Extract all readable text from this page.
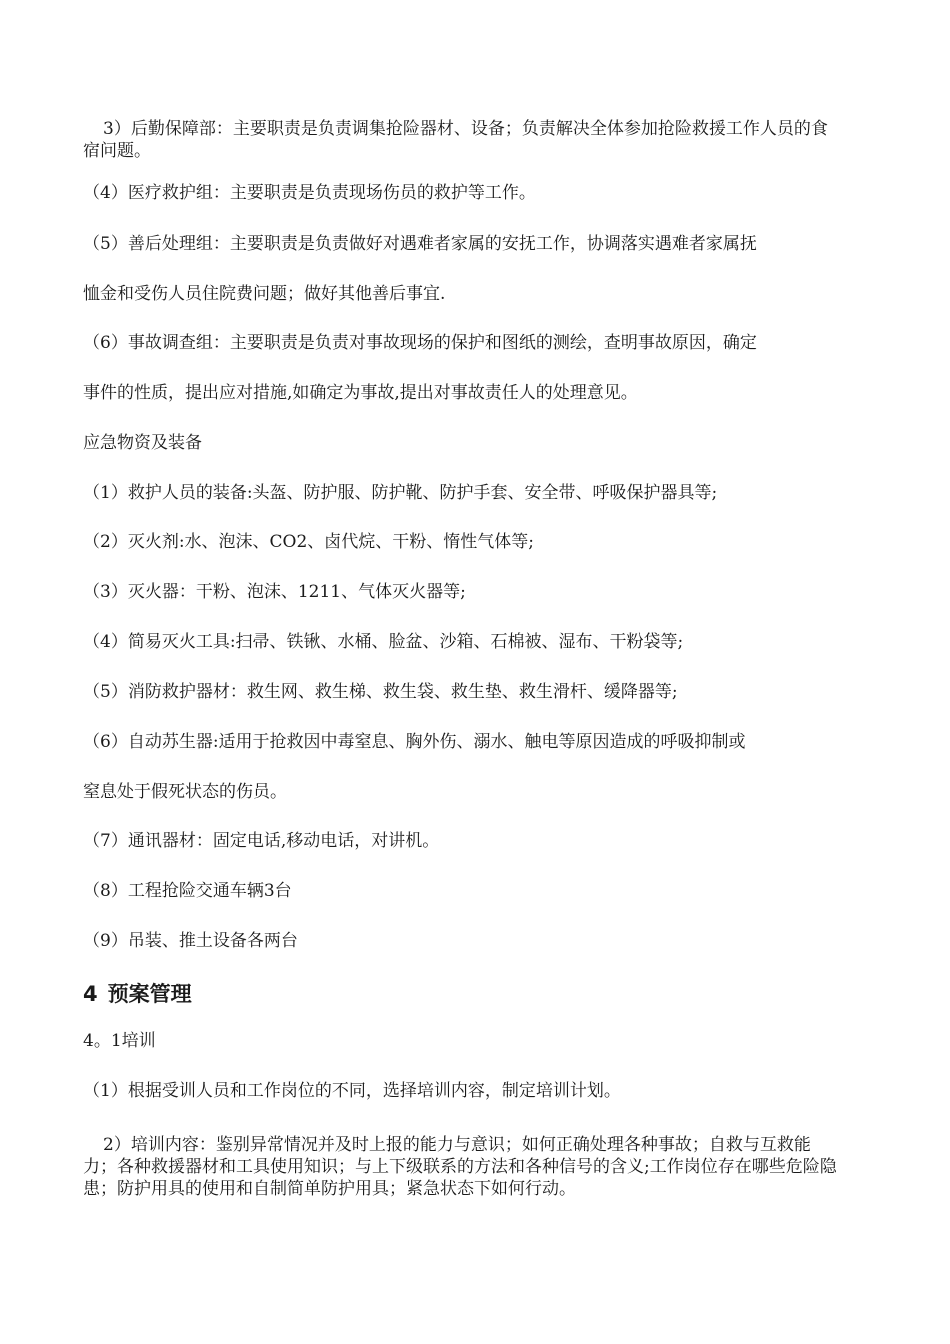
3）后勤保障部：主要职责是负责调集抢险器材、设备；负责解决全体参加抢险救援工作人员的食宿问题。

（4）医疗救护组：主要职责是负责现场伤员的救护等工作。

（5）善后处理组：主要职责是负责做好对遇难者家属的安抚工作，协调落实遇难者家属抚

恤金和受伤人员住院费问题；做好其他善后事宜.

（6）事故调查组：主要职责是负责对事故现场的保护和图纸的测绘，查明事故原因，确定

事件的性质，提出应对措施,如确定为事故,提出对事故责任人的处理意见。

应急物资及装备

（1）救护人员的装备:头盔、防护服、防护靴、防护手套、安全带、呼吸保护器具等;

（2）灭火剂:水、泡沫、CO2、卤代烷、干粉、惰性气体等;

（3）灭火器：干粉、泡沫、1211、气体灭火器等;

（4）简易灭火工具:扫帚、铁锹、水桶、脸盆、沙箱、石棉被、湿布、干粉袋等;

（5）消防救护器材：救生网、救生梯、救生袋、救生垫、救生滑杆、缓降器等;

（6）自动苏生器:适用于抢救因中毒窒息、胸外伤、溺水、触电等原因造成的呼吸抑制或

窒息处于假死状态的伤员。

（7）通讯器材：固定电话,移动电话，对讲机。

（8）工程抢险交通车辆3台

（9）吊装、推土设备各两台

4 预案管理

4。1培训

（1）根据受训人员和工作岗位的不同，选择培训内容，制定培训计划。

2）培训内容：鉴别异常情况并及时上报的能力与意识；如何正确处理各种事故；自救与互救能力；各种救援器材和工具使用知识；与上下级联系的方法和各种信号的含义;工作岗位存在哪些危险隐患；防护用具的使用和自制简单防护用具；紧急状态下如何行动。
